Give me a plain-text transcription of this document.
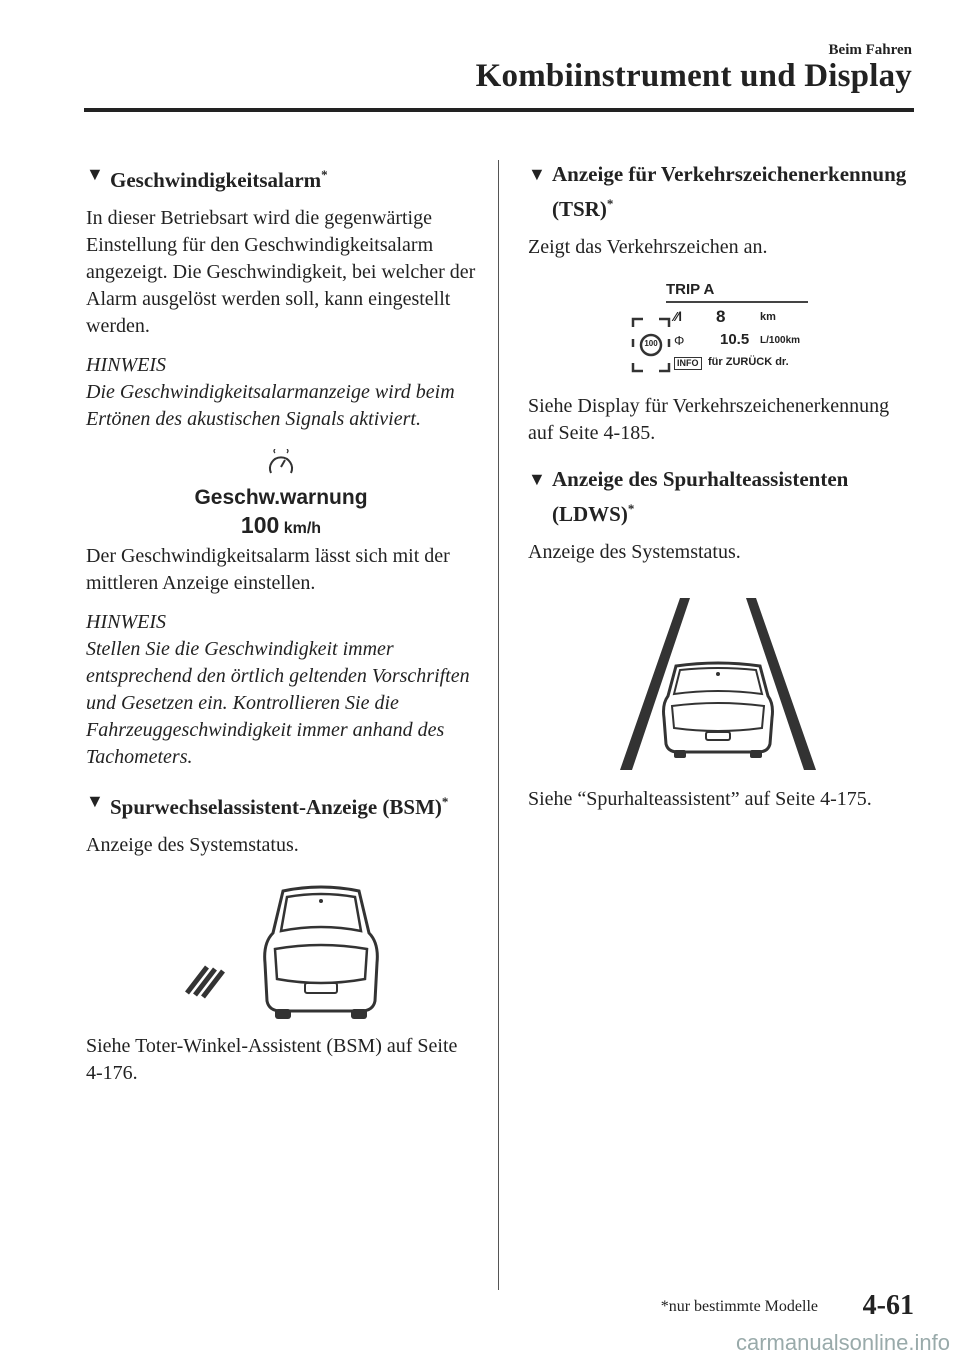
Beim Fahren
Kombiinstrument und Display
▼ Geschwindigkeitsalarm*

In dieser Betriebsart wird die gegenwärtige Einstellung für den Geschwindigkeitsalarm angezeigt. Die Geschwindigkeit, bei welcher der Alarm ausgelöst werden soll, kann eingestellt werden.

HINWEIS
Die Geschwindigkeitsalarmanzeige wird beim Ertönen des akustischen Signals aktiviert.
Geschw.warnung
100 km/h

Der Geschwindigkeitsalarm lässt sich mit der mittleren Anzeige einstellen.

HINWEIS
Stellen Sie die Geschwindigkeit immer entsprechend den örtlich geltenden Vorschriften und Gesetzen ein. Kontrollieren Sie die Fahrzeuggeschwindigkeit immer anhand des Tachometers.
▼ Spurwechselassistent-Anzeige (BSM)*

Anzeige des Systemstatus.

Siehe Toter-Winkel-Assistent (BSM) auf Seite 4-176.

▼ Anzeige für Verkehrszeichenerkennung (TSR)*

Zeigt das Verkehrszeichen an.

TRIP A
100
⁄⁄l
Φ
8	km
10.5 L/100km
INFO für ZURÜCK dr.

Siehe Display für Verkehrszeichenerkennung auf Seite 4-185.

▼ Anzeige des Spurhalteassistenten (LDWS)*

Anzeige des Systemstatus.

Siehe “Spurhalteassistent” auf Seite 4-175.

*nur bestimmte Modelle 4-61
carmanualsonline.info
